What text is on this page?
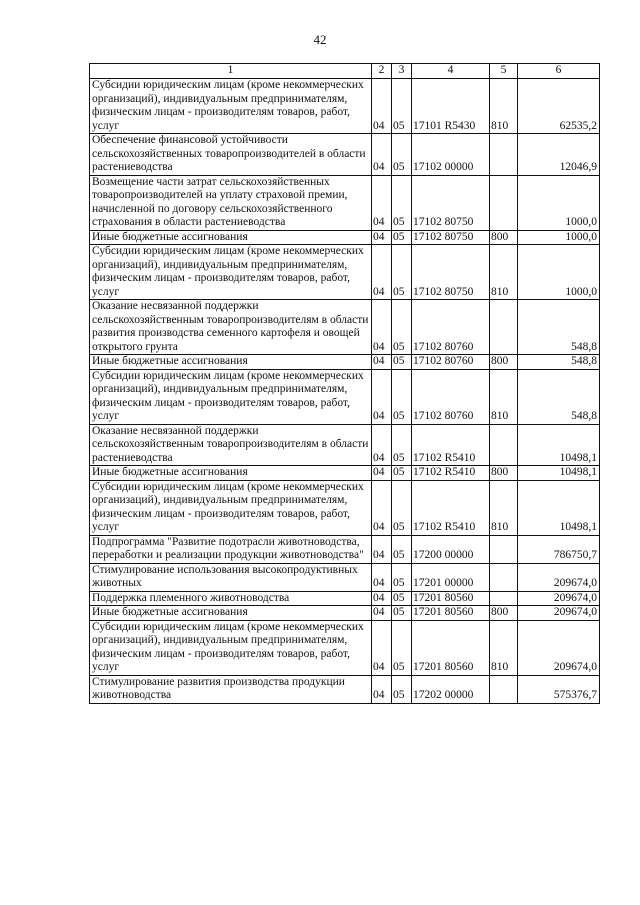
42
1	2	3	4	5	6
Субсидии юридическим лицам (кроме некоммерческих организаций), индивидуальным предпринимателям, физическим лицам - производителям товаров, работ, услуг	04	05	17101 R5430	810	62535,2
Обеспечение финансовой устойчивости сельскохозяйственных товаропроизводителей в области растениеводства	04	05	17102 00000		12046,9
Возмещение части затрат сельскохозяйственных товаропроизводителей на уплату страховой премии, начисленной по договору сельскохозяйственного страхования в области растениеводства	04	05	17102 80750		1000,0
Иные бюджетные ассигнования	04	05	17102 80750	800	1000,0
Субсидии юридическим лицам (кроме некоммерческих организаций), индивидуальным предпринимателям, физическим лицам - производителям товаров, работ, услуг	04	05	17102 80750	810	1000,0
Оказание несвязанной поддержки сельскохозяйственным товаропроизводителям в области развития производства семенного картофеля и овощей открытого грунта	04	05	17102 80760		548,8
Иные бюджетные ассигнования	04	05	17102 80760	800	548,8
Субсидии юридическим лицам (кроме некоммерческих организаций), индивидуальным предпринимателям, физическим лицам - производителям товаров, работ, услуг	04	05	17102 80760	810	548,8
Оказание несвязанной поддержки сельскохозяйственным товаропроизводителям в области растениеводства	04	05	17102 R5410		10498,1
Иные бюджетные ассигнования	04	05	17102 R5410	800	10498,1
Субсидии юридическим лицам (кроме некоммерческих организаций), индивидуальным предпринимателям, физическим лицам - производителям товаров, работ, услуг	04	05	17102 R5410	810	10498,1
Подпрограмма "Развитие подотрасли животноводства, переработки и реализации продукции животноводства"	04	05	17200 00000		786750,7
Стимулирование использования высокопродуктивных животных	04	05	17201 00000		209674,0
Поддержка племенного животноводства	04	05	17201 80560		209674,0
Иные бюджетные ассигнования	04	05	17201 80560	800	209674,0
Субсидии юридическим лицам (кроме некоммерческих организаций), индивидуальным предпринимателям, физическим лицам - производителям товаров, работ, услуг	04	05	17201 80560	810	209674,0
Стимулирование развития производства продукции животноводства	04	05	17202 00000		575376,7
